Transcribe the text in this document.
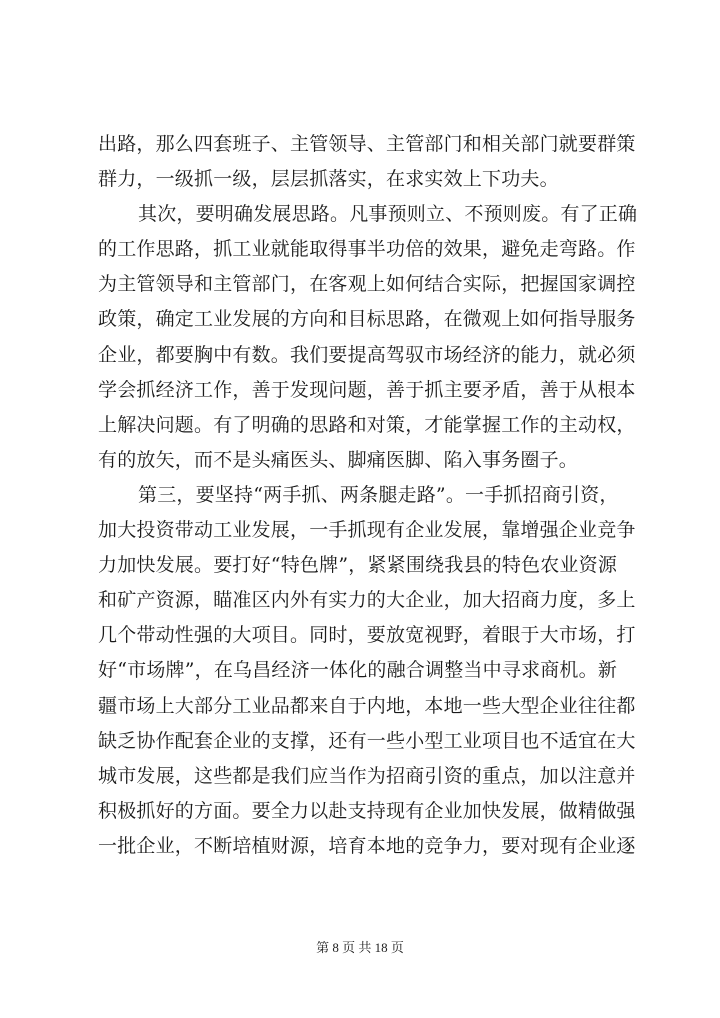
出路，那么四套班子、主管领导、主管部门和相关部门就要群策
群力，一级抓一级，层层抓落实，在求实效上下功夫。
其次，要明确发展思路。凡事预则立、不预则废。有了正确
的工作思路，抓工业就能取得事半功倍的效果，避免走弯路。作
为主管领导和主管部门，在客观上如何结合实际，把握国家调控
政策，确定工业发展的方向和目标思路，在微观上如何指导服务
企业，都要胸中有数。我们要提高驾驭市场经济的能力，就必须
学会抓经济工作，善于发现问题，善于抓主要矛盾，善于从根本
上解决问题。有了明确的思路和对策，才能掌握工作的主动权，
有的放矢，而不是头痛医头、脚痛医脚、陷入事务圈子。
第三，要坚持“两手抓、两条腿走路”。一手抓招商引资，
加大投资带动工业发展，一手抓现有企业发展，靠增强企业竞争
力加快发展。要打好“特色牌”，紧紧围绕我县的特色农业资源
和矿产资源，瞄准区内外有实力的大企业，加大招商力度，多上
几个带动性强的大项目。同时，要放宽视野，着眼于大市场，打
好“市场牌”，在乌昌经济一体化的融合调整当中寻求商机。新
疆市场上大部分工业品都来自于内地，本地一些大型企业往往都
缺乏协作配套企业的支撑，还有一些小型工业项目也不适宜在大
城市发展，这些都是我们应当作为招商引资的重点，加以注意并
积极抓好的方面。要全力以赴支持现有企业加快发展，做精做强
一批企业，不断培植财源，培育本地的竞争力，要对现有企业逐
第 8 页 共 18 页
